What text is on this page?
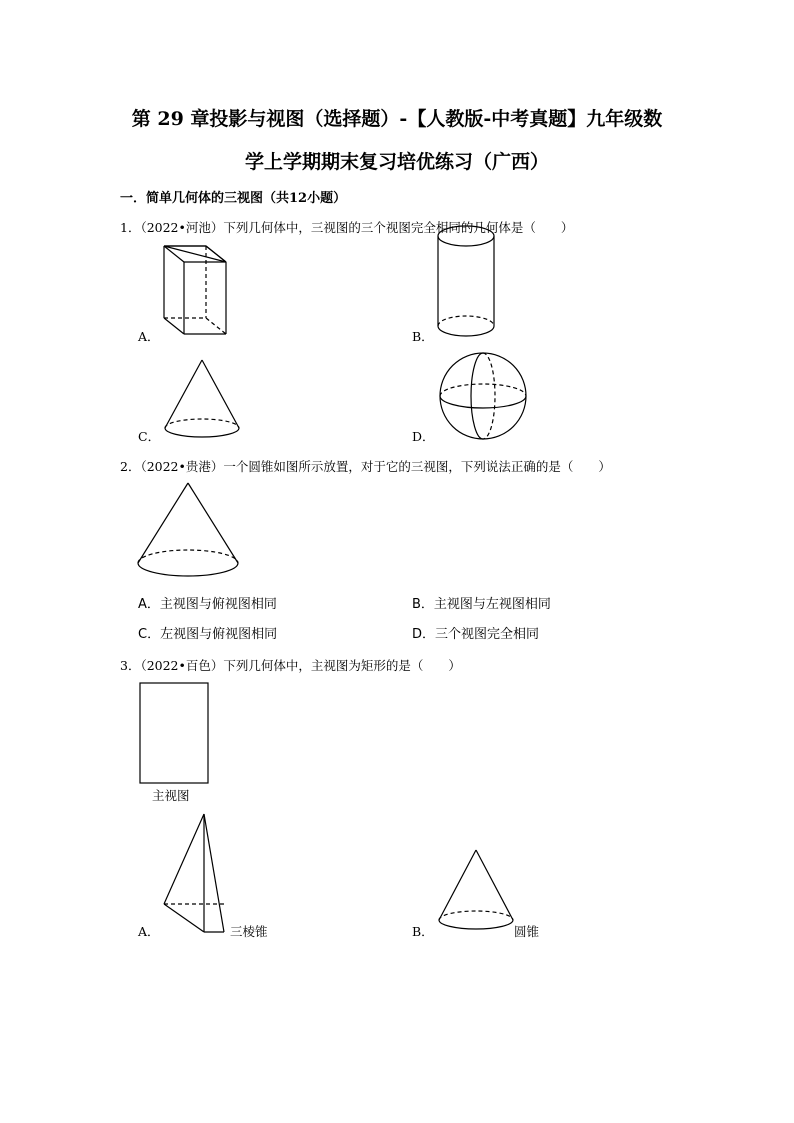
第 29 章投影与视图（选择题）-【人教版-中考真题】九年级数
学上学期期末复习培优练习（广西）
一．简单几何体的三视图（共12小题）
1．（2022•河池）下列几何体中，三视图的三个视图完全相同的几何体是（　　）
A．	B．
C．	D．
2．（2022•贵港）一个圆锥如图所示放置，对于它的三视图，下列说法正确的是（　　）
A．主视图与俯视图相同	B．主视图与左视图相同
C．左视图与俯视图相同	D．三个视图完全相同
3．（2022•百色）下列几何体中，主视图为矩形的是（　　）
主视图
A．	三棱锥	B．	圆锥
